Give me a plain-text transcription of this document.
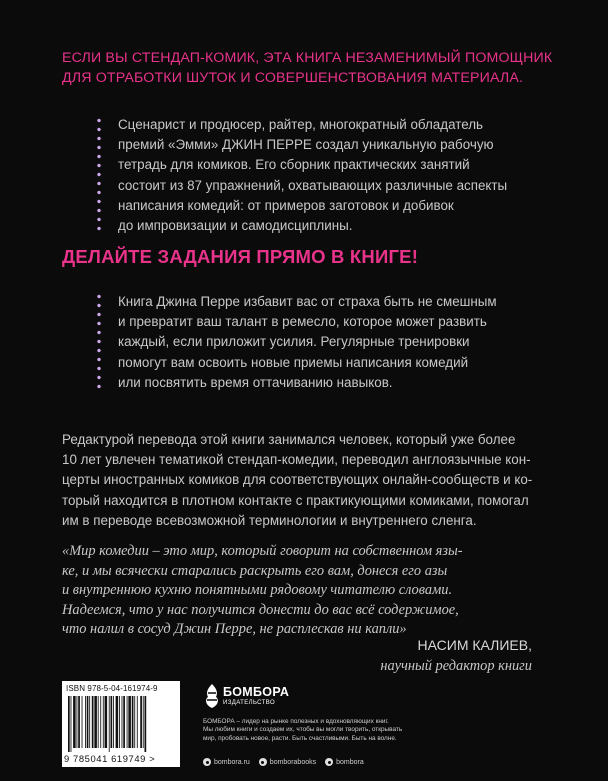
ЕСЛИ ВЫ СТЕНДАП-КОМИК, ЭТА КНИГА НЕЗАМЕНИМЫЙ ПОМОЩНИК
ДЛЯ ОТРАБОТКИ ШУТОК И СОВЕРШЕНСТВОВАНИЯ МАТЕРИАЛА.
Сценарист и продюсер, райтер, многократный обладатель
премий «Эмми» ДЖИН ПЕРРЕ создал уникальную рабочую
тетрадь для комиков. Его сборник практических занятий
состоит из 87 упражнений, охватывающих различные аспекты
написания комедий: от примеров заготовок и добивок
до импровизации и самодисциплины.
ДЕЛАЙТЕ ЗАДАНИЯ ПРЯМО В КНИГЕ!
Книга Джина Перре избавит вас от страха быть не смешным
и превратит ваш талант в ремесло, которое может развить
каждый, если приложит усилия. Регулярные тренировки
помогут вам освоить новые приемы написания комедий
или посвятить время оттачиванию навыков.
Редактурой перевода этой книги занимался человек, который уже более
10 лет увлечен тематикой стендап-комедии, переводил англоязычные кон-
церты иностранных комиков для соответствующих онлайн-сообществ и ко-
торый находится в плотном контакте с практикующими комиками, помогал
им в переводе всевозможной терминологии и внутреннего сленга.
«Мир комедии – это мир, который говорит на собственном язы-
ке, и мы всячески старались раскрыть его вам, донеся его азы
и внутреннюю кухню понятными рядовому читателю словами.
Надеемся, что у нас получится донести до вас всё содержимое,
что налил в сосуд Джин Перре, не расплескав ни капли»
НАСИМ КАЛИЕВ,
научный редактор книги
ISBN 978-5-04-161974-9
9 785041 619749 >
БОМБОРА
ИЗДАТЕЛЬСТВО
БОМБОРА – лидер на рынке полезных и вдохновляющих книг.
Мы любим книги и создаем их, чтобы вы могли творить, открывать
мир, пробовать новое, расти. Быть счастливыми. Быть на волне.
bombora.ru	bomborabooks	bombora
